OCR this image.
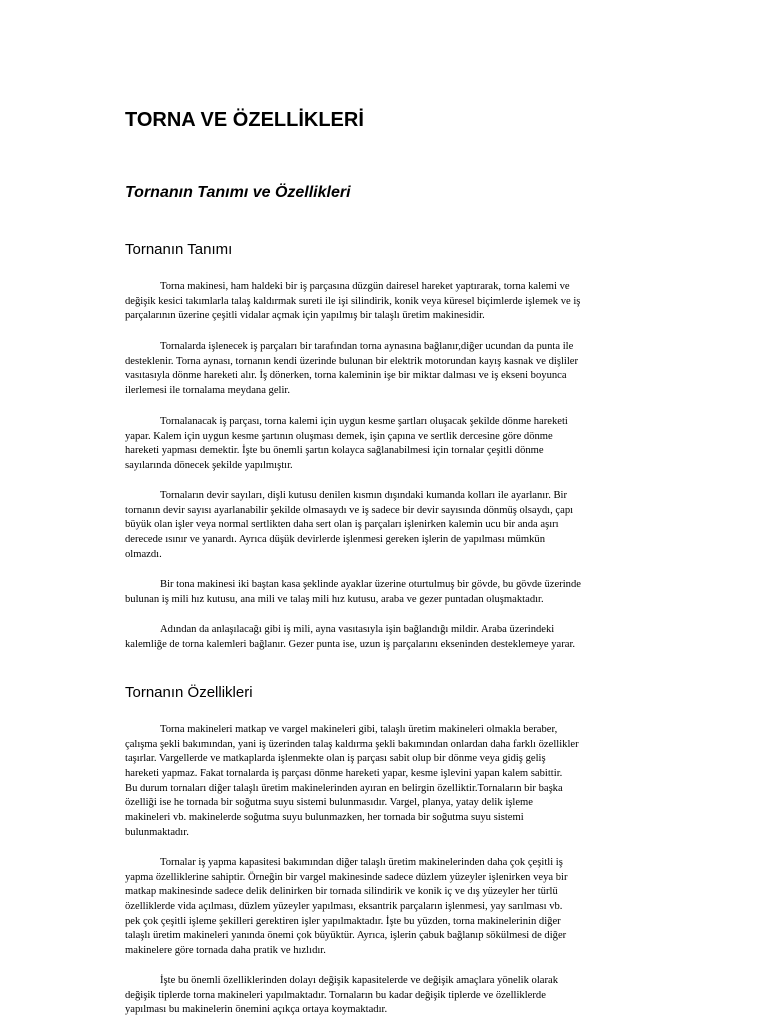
TORNA VE ÖZELLİKLERİ
Tornanın Tanımı ve Özellikleri
Tornanın Tanımı
Torna makinesi, ham haldeki bir iş parçasına düzgün dairesel hareket yaptırarak, torna kalemi ve
değişik kesici takımlarla talaş kaldırmak sureti ile işi silindirik, konik veya küresel biçimlerde işlemek ve iş
parçalarının üzerine çeşitli vidalar açmak için yapılmış bir talaşlı üretim makinesidir.
Tornalarda işlenecek iş parçaları bir tarafından torna aynasına bağlanır,diğer ucundan da punta ile
desteklenir. Torna aynası, tornanın kendi üzerinde bulunan bir elektrik motorundan kayış kasnak ve dişliler
vasıtasıyla dönme hareketi alır. İş dönerken, torna kaleminin işe bir miktar dalması ve iş ekseni boyunca
ilerlemesi ile tornalama meydana gelir.
Tornalanacak iş parçası, torna kalemi için uygun kesme şartları oluşacak şekilde dönme hareketi
yapar. Kalem için uygun kesme şartının oluşması demek, işin çapına ve sertlik dercesine göre dönme
hareketi yapması demektir. İşte bu önemli şartın kolayca sağlanabilmesi için tornalar çeşitli dönme
sayılarında dönecek şekilde yapılmıştır.
Tornaların devir sayıları, dişli kutusu denilen kısmın dışındaki kumanda kolları ile ayarlanır. Bir
tornanın devir sayısı ayarlanabilir şekilde olmasaydı ve iş sadece bir devir sayısında dönmüş olsaydı, çapı
büyük olan işler veya normal sertlikten daha sert olan iş parçaları işlenirken kalemin ucu bir anda aşırı
derecede ısınır ve yanardı. Ayrıca düşük devirlerde işlenmesi gereken işlerin de yapılması mümkün
olmazdı.
Bir tona makinesi iki baştan kasa şeklinde ayaklar üzerine oturtulmuş bir gövde, bu gövde üzerinde
bulunan iş mili hız kutusu, ana mili ve talaş mili hız kutusu, araba ve gezer puntadan oluşmaktadır.
Adından da anlaşılacağı gibi iş mili, ayna vasıtasıyla işin bağlandığı mildir. Araba üzerindeki
kalemliğe de torna kalemleri bağlanır. Gezer punta ise, uzun iş parçalarını ekseninden desteklemeye yarar.
Tornanın Özellikleri
Torna makineleri matkap ve vargel makineleri gibi, talaşlı üretim makineleri olmakla beraber,
çalışma şekli bakımından, yani iş üzerinden talaş kaldırma şekli bakımından onlardan daha farklı özellikler
taşırlar. Vargellerde ve matkaplarda işlenmekte olan iş parçası sabit olup bir dönme veya gidiş geliş
hareketi yapmaz. Fakat tornalarda iş parçası dönme hareketi yapar, kesme işlevini yapan kalem sabittir.
Bu durum tornaları diğer talaşlı üretim makinelerinden ayıran en belirgin özelliktir.Tornaların bir başka
özelliği ise he tornada bir soğutma suyu sistemi bulunmasıdır. Vargel, planya, yatay delik işleme
makineleri vb. makinelerde soğutma suyu bulunmazken, her tornada bir soğutma suyu sistemi
bulunmaktadır.
Tornalar iş yapma kapasitesi bakımından diğer talaşlı üretim makinelerinden daha çok çeşitli iş
yapma özelliklerine sahiptir. Örneğin bir vargel makinesinde sadece düzlem yüzeyler işlenirken veya bir
matkap makinesinde sadece delik delinirken bir tornada silindirik ve konik iç ve dış yüzeyler her türlü
özelliklerde vida açılması, düzlem yüzeyler yapılması, eksantrik parçaların işlenmesi, yay sarılması vb.
pek çok çeşitli işleme şekilleri gerektiren işler yapılmaktadır. İşte bu yüzden, torna makinelerinin diğer
talaşlı üretim makineleri yanında önemi çok büyüktür. Ayrıca, işlerin çabuk bağlanıp sökülmesi de diğer
makinelere göre tornada daha pratik ve hızlıdır.
İşte bu önemli özelliklerinden dolayı değişik kapasitelerde ve değişik amaçlara yönelik olarak
değişik tiplerde torna makineleri yapılmaktadır. Tornaların bu kadar değişik tiplerde ve özelliklerde
yapılması bu makinelerin önemini açıkça ortaya koymaktadır.
